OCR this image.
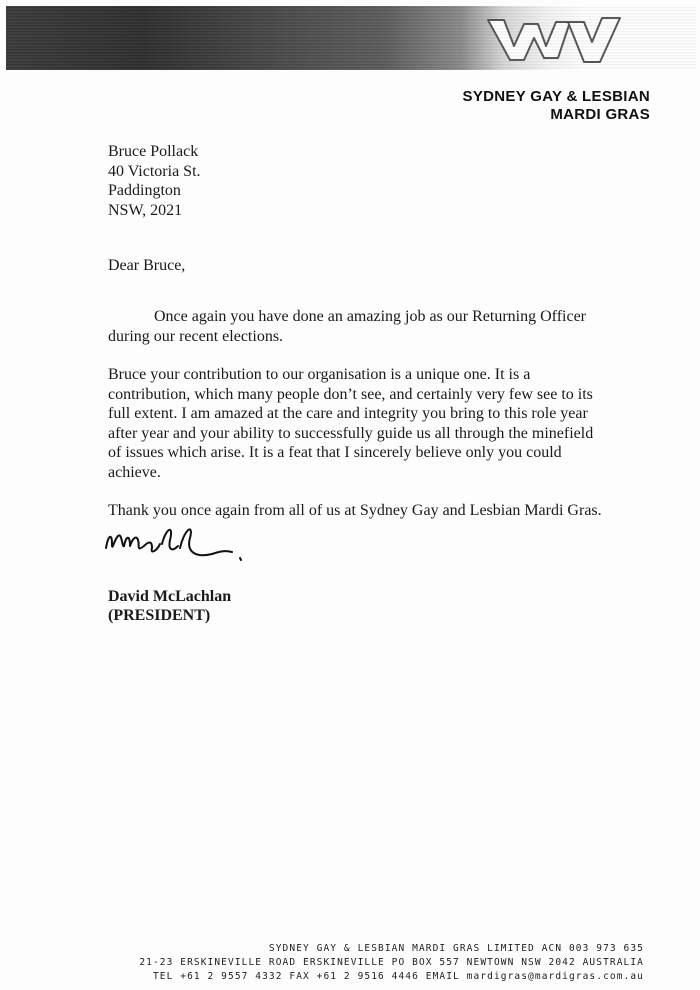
SYDNEY GAY & LESBIAN
MARDI GRAS
Bruce Pollack
40 Victoria St.
Paddington
NSW, 2021
Dear Bruce,

Once again you have done an amazing job as our Returning Officer during our recent elections.

Bruce your contribution to our organisation is a unique one. It is a contribution, which many people don’t see, and certainly very few see to its full extent. I am amazed at the care and integrity you bring to this role year after year and your ability to successfully guide us all through the minefield of issues which arise. It is a feat that I sincerely believe only you could achieve.

Thank you once again from all of us at Sydney Gay and Lesbian Mardi Gras.

David McLachlan
(PRESIDENT)
SYDNEY GAY & LESBIAN MARDI GRAS LIMITED ACN 003 973 635
21-23 ERSKINEVILLE ROAD ERSKINEVILLE PO BOX 557 NEWTOWN NSW 2042 AUSTRALIA
TEL +61 2 9557 4332 FAX +61 2 9516 4446 EMAIL mardigras@mardigras.com.au
